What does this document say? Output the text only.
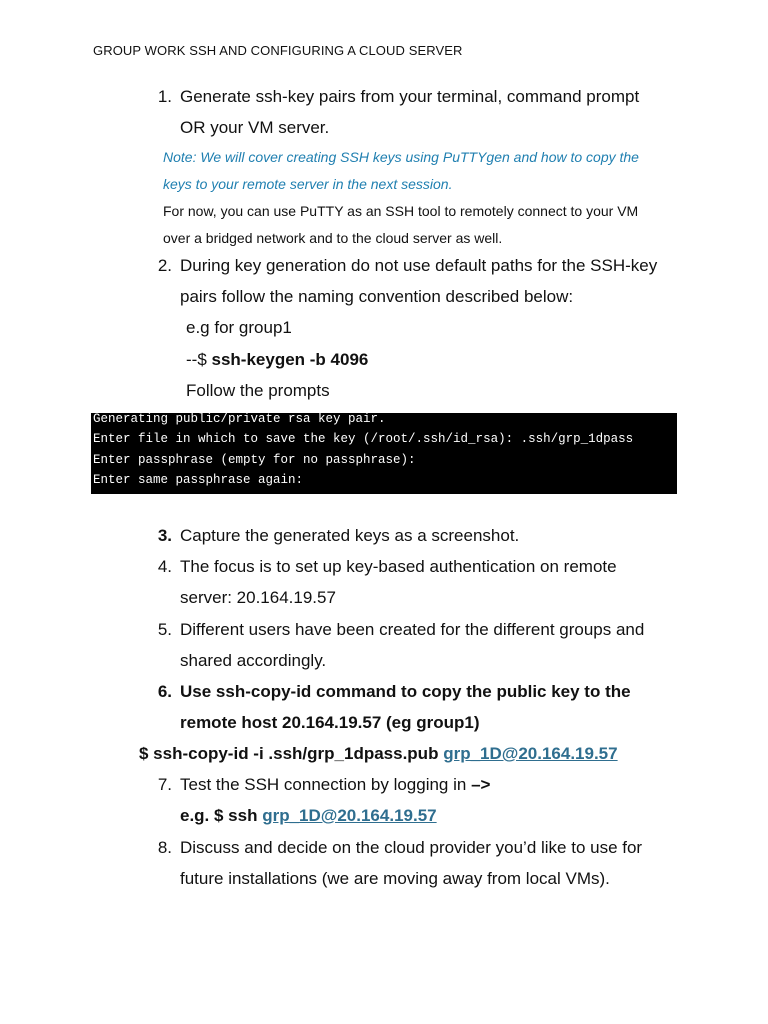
GROUP WORK SSH AND CONFIGURING A CLOUD SERVER
1. Generate ssh-key pairs from your terminal, command prompt
OR your VM server.
Note: We will cover creating SSH keys using PuTTYgen and how to copy the
keys to your remote server in the next session.
For now, you can use PuTTY as an SSH tool to remotely connect to your VM
over a bridged network and to the cloud server as well.
2. During key generation do not use default paths for the SSH-key
pairs follow the naming convention described below:
e.g for group1
--$ ssh-keygen -b 4096
Follow the prompts
Generating public/private rsa key pair.
Enter file in which to save the key (/root/.ssh/id_rsa): .ssh/grp_1dpass
Enter passphrase (empty for no passphrase):
Enter same passphrase again:
3. Capture the generated keys as a screenshot.
4. The focus is to set up key-based authentication on remote
server: 20.164.19.57
5. Different users have been created for the different groups and
shared accordingly.
6. Use ssh-copy-id command to copy the public key to the
remote host 20.164.19.57 (eg group1)
$ ssh-copy-id -i .ssh/grp_1dpass.pub grp_1D@20.164.19.57
7. Test the SSH connection by logging in –>
e.g. $ ssh grp_1D@20.164.19.57
8. Discuss and decide on the cloud provider you’d like to use for
future installations (we are moving away from local VMs).
